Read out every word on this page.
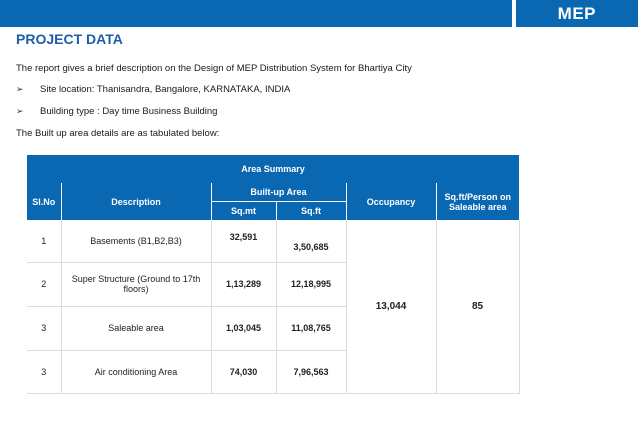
MEP
PROJECT DATA
The report gives a brief description on the Design of MEP Distribution System for Bhartiya City
➢ Site location: Thanisandra, Bangalore, KARNATAKA, INDIA
➢ Building type : Day time Business Building
The Built up area details are as tabulated below:
Area Summary					
Sl.No	Description	Built-up Area		Occupancy	Sq.ft/Person on Saleable area
		Sq.mt	Sq.ft		
1	Basements (B1,B2,B3)	32,591	3,50,685	13,044	85
2	Super Structure (Ground to 17th floors)	1,13,289	12,18,995		
3	Saleable area	1,03,045	11,08,765		
3	Air conditioning Area	74,030	7,96,563		
